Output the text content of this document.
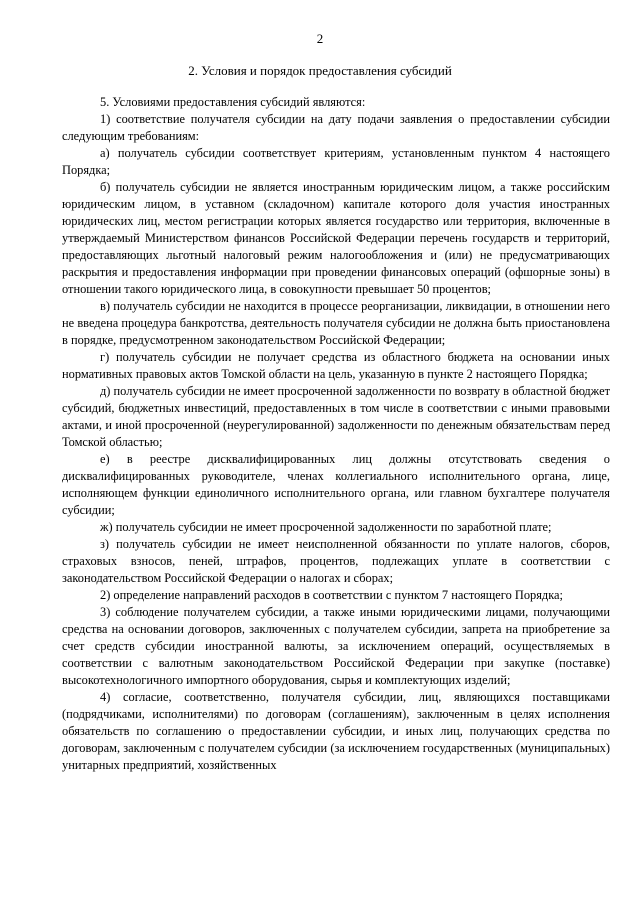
2
2. Условия и порядок предоставления субсидий

5. Условиями предоставления субсидий являются:

1) соответствие получателя субсидии на дату подачи заявления о предоставлении субсидии следующим требованиям:

а) получатель субсидии соответствует критериям, установленным пунктом 4 настоящего Порядка;

б) получатель субсидии не является иностранным юридическим лицом, а также российским юридическим лицом, в уставном (складочном) капитале которого доля участия иностранных юридических лиц, местом регистрации которых является государство или территория, включенные в утверждаемый Министерством финансов Российской Федерации перечень государств и территорий, предоставляющих льготный налоговый режим налогообложения и (или) не предусматривающих раскрытия и предоставления информации при проведении финансовых операций (офшорные зоны) в отношении такого юридического лица, в совокупности превышает 50 процентов;

в) получатель субсидии не находится в процессе реорганизации, ликвидации, в отношении него не введена процедура банкротства, деятельность получателя субсидии не должна быть приостановлена в порядке, предусмотренном законодательством Российской Федерации;

г) получатель субсидии не получает средства из областного бюджета на основании иных нормативных правовых актов Томской области на цель, указанную в пункте 2 настоящего Порядка;

д) получатель субсидии не имеет просроченной задолженности по возврату в областной бюджет субсидий, бюджетных инвестиций, предоставленных в том числе в соответствии с иными правовыми актами, и иной просроченной (неурегулированной) задолженности по денежным обязательствам перед Томской областью;

е) в реестре дисквалифицированных лиц должны отсутствовать сведения о дисквалифицированных руководителе, членах коллегиального исполнительного органа, лице, исполняющем функции единоличного исполнительного органа, или главном бухгалтере получателя субсидии;

ж) получатель субсидии не имеет просроченной задолженности по заработной плате;

з) получатель субсидии не имеет неисполненной обязанности по уплате налогов, сборов, страховых взносов, пеней, штрафов, процентов, подлежащих уплате в соответствии с законодательством Российской Федерации о налогах и сборах;

2) определение направлений расходов в соответствии с пунктом 7 настоящего Порядка;

3) соблюдение получателем субсидии, а также иными юридическими лицами, получающими средства на основании договоров, заключенных с получателем субсидии, запрета на приобретение за счет средств субсидии иностранной валюты, за исключением операций, осуществляемых в соответствии с валютным законодательством Российской Федерации при закупке (поставке) высокотехнологичного импортного оборудования, сырья и комплектующих изделий;

4) согласие, соответственно, получателя субсидии, лиц, являющихся поставщиками (подрядчиками, исполнителями) по договорам (соглашениям), заключенным в целях исполнения обязательств по соглашению о предоставлении субсидии, и иных лиц, получающих средства по договорам, заключенным с получателем субсидии (за исключением государственных (муниципальных) унитарных предприятий, хозяйственных
